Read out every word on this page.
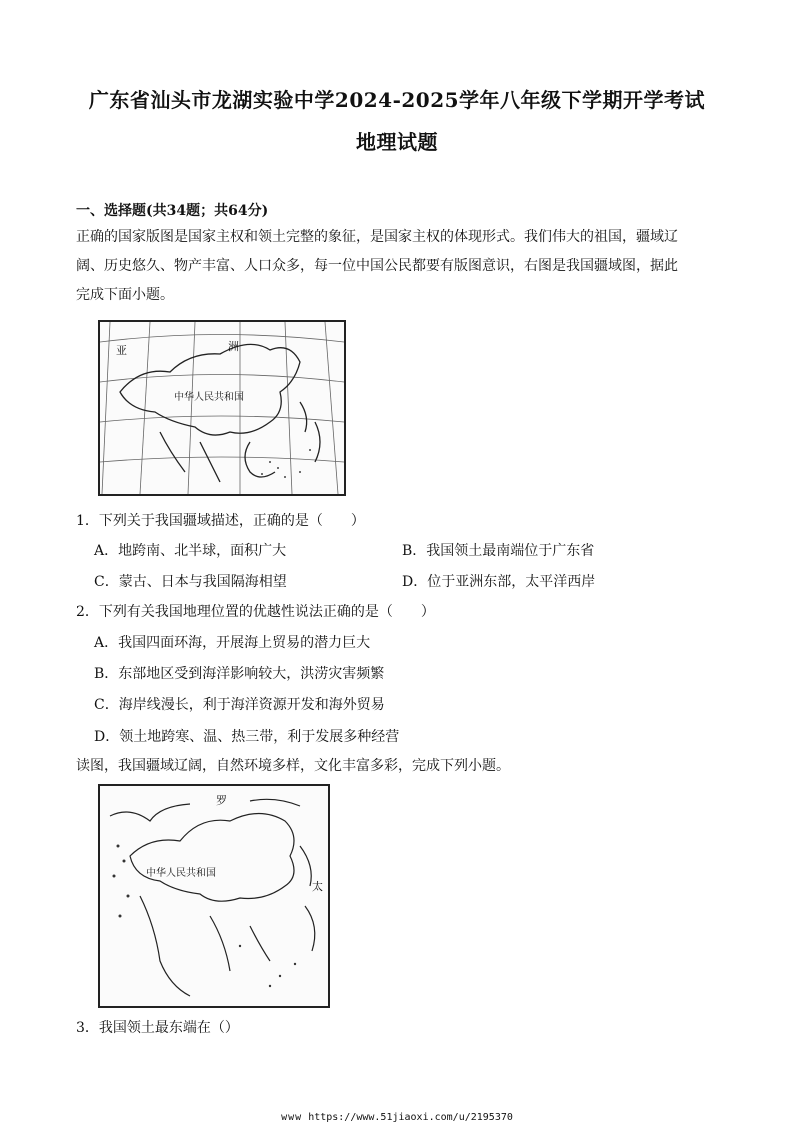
广东省汕头市龙湖实验中学2024-2025学年八年级下学期开学考试
地理试题
一、选择题(共34题；共64分)
正确的国家版图是国家主权和领土完整的象征，是国家主权的体现形式。我们伟大的祖国，疆域辽
阔、历史悠久、物产丰富、人口众多，每一位中国公民都要有版图意识，右图是我国疆域图，据此
完成下面小题。
亚	洲
中华人民共和国
1．下列关于我国疆域描述，正确的是（　　）
A．地跨南、北半球，面积广大	B．我国领土最南端位于广东省
C．蒙古、日本与我国隔海相望	D．位于亚洲东部，太平洋西岸
2．下列有关我国地理位置的优越性说法正确的是（　　）
A．我国四面环海，开展海上贸易的潜力巨大
B．东部地区受到海洋影响较大，洪涝灾害频繁
C．海岸线漫长，利于海洋资源开发和海外贸易
D．领土地跨寒、温、热三带，利于发展多种经营
读图，我国疆域辽阔，自然环境多样，文化丰富多彩，完成下列小题。
罗
中华人民共和国
太
3．我国领土最东端在（）
www https://www.51jiaoxi.com/u/2195370
